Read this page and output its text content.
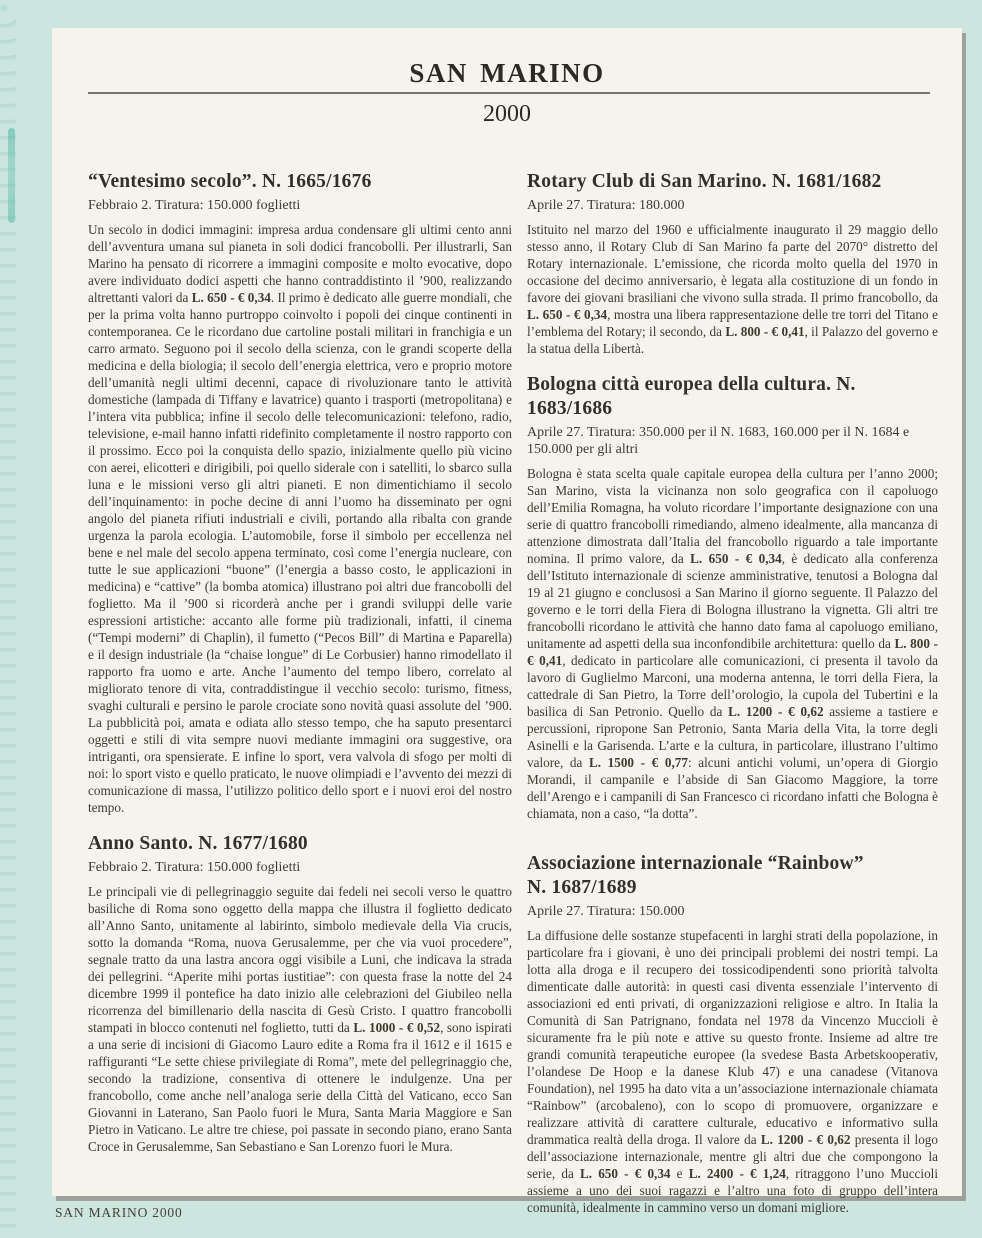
SAN MARINO
2000
“Ventesimo secolo”. N. 1665/1676
Febbraio 2. Tiratura: 150.000 foglietti

Un secolo in dodici immagini: impresa ardua condensare gli ultimi cento anni dell’avventura umana sul pianeta in soli dodici francobolli. Per illustrarli, San Marino ha pensato di ricorrere a immagini composite e molto evocative, dopo avere individuato dodici aspetti che hanno contraddistinto il ’900, realizzando altrettanti valori da L. 650 - € 0,34. Il primo è dedicato alle guerre mondiali, che per la prima volta hanno purtroppo coinvolto i popoli dei cinque continenti in contemporanea. Ce le ricordano due cartoline postali militari in franchigia e un carro armato. Seguono poi il secolo della scienza, con le grandi scoperte della medicina e della biologia; il secolo dell’energia elettrica, vero e proprio motore dell’umanità negli ultimi decenni, capace di rivoluzionare tanto le attività domestiche (lampada di Tiffany e lavatrice) quanto i trasporti (metropolitana) e l’intera vita pubblica; infine il secolo delle telecomunicazioni: telefono, radio, televisione, e-mail hanno infatti ridefinito completamente il nostro rapporto con il prossimo. Ecco poi la conquista dello spazio, inizialmente quello più vicino con aerei, elicotteri e dirigibili, poi quello siderale con i satelliti, lo sbarco sulla luna e le missioni verso gli altri pianeti. E non dimentichiamo il secolo dell’inquinamento: in poche decine di anni l’uomo ha disseminato per ogni angolo del pianeta rifiuti industriali e civili, portando alla ribalta con grande urgenza la parola ecologia. L’automobile, forse il simbolo per eccellenza nel bene e nel male del secolo appena terminato, così come l’energia nucleare, con tutte le sue applicazioni “buone” (l’energia a basso costo, le applicazioni in medicina) e “cattive” (la bomba atomica) illustrano poi altri due francobolli del foglietto. Ma il ’900 si ricorderà anche per i grandi sviluppi delle varie espressioni artistiche: accanto alle forme più tradizionali, infatti, il cinema (“Tempi moderni” di Chaplin), il fumetto (“Pecos Bill” di Martina e Paparella) e il design industriale (la “chaise longue” di Le Corbusier) hanno rimodellato il rapporto fra uomo e arte. Anche l’aumento del tempo libero, correlato al migliorato tenore di vita, contraddistingue il vecchio secolo: turismo, fitness, svaghi culturali e persino le parole crociate sono novità quasi assolute del ’900. La pubblicità poi, amata e odiata allo stesso tempo, che ha saputo presentarci oggetti e stili di vita sempre nuovi mediante immagini ora suggestive, ora intriganti, ora spensierate. E infine lo sport, vera valvola di sfogo per molti di noi: lo sport visto e quello praticato, le nuove olimpiadi e l’avvento dei mezzi di comunicazione di massa, l’utilizzo politico dello sport e i nuovi eroi del nostro tempo.

Anno Santo. N. 1677/1680
Febbraio 2. Tiratura: 150.000 foglietti

Le principali vie di pellegrinaggio seguite dai fedeli nei secoli verso le quattro basiliche di Roma sono oggetto della mappa che illustra il foglietto dedicato all’Anno Santo, unitamente al labirinto, simbolo medievale della Via crucis, sotto la domanda “Roma, nuova Gerusalemme, per che via vuoi procedere”, segnale tratto da una lastra ancora oggi visibile a Luni, che indicava la strada dei pellegrini. “Aperite mihi portas iustitiae”: con questa frase la notte del 24 dicembre 1999 il pontefice ha dato inizio alle celebrazioni del Giubileo nella ricorrenza del bimillenario della nascita di Gesù Cristo. I quattro francobolli stampati in blocco contenuti nel foglietto, tutti da L. 1000 - € 0,52, sono ispirati a una serie di incisioni di Giacomo Lauro edite a Roma fra il 1612 e il 1615 e raffiguranti “Le sette chiese privilegiate di Roma”, mete del pellegrinaggio che, secondo la tradizione, consentiva di ottenere le indulgenze. Una per francobollo, come anche nell’analoga serie della Città del Vaticano, ecco San Giovanni in Laterano, San Paolo fuori le Mura, Santa Maria Maggiore e San Pietro in Vaticano. Le altre tre chiese, poi passate in secondo piano, erano Santa Croce in Gerusalemme, San Sebastiano e San Lorenzo fuori le Mura.

Rotary Club di San Marino. N. 1681/1682
Aprile 27. Tiratura: 180.000

Istituito nel marzo del 1960 e ufficialmente inaugurato il 29 maggio dello stesso anno, il Rotary Club di San Marino fa parte del 2070° distretto del Rotary internazionale. L’emissione, che ricorda molto quella del 1970 in occasione del decimo anniversario, è legata alla costituzione di un fondo in favore dei giovani brasiliani che vivono sulla strada. Il primo francobollo, da L. 650 - € 0,34, mostra una libera rappresentazione delle tre torri del Titano e l’emblema del Rotary; il secondo, da L. 800 - € 0,41, il Palazzo del governo e la statua della Libertà.

Bologna città europea della cultura. N. 1683/1686
Aprile 27. Tiratura: 350.000 per il N. 1683, 160.000 per il N. 1684 e 150.000 per gli altri

Bologna è stata scelta quale capitale europea della cultura per l’anno 2000; San Marino, vista la vicinanza non solo geografica con il capoluogo dell’Emilia Romagna, ha voluto ricordare l’importante designazione con una serie di quattro francobolli rimediando, almeno idealmente, alla mancanza di attenzione dimostrata dall’Italia del francobollo riguardo a tale importante nomina. Il primo valore, da L. 650 - € 0,34, è dedicato alla conferenza dell’Istituto internazionale di scienze amministrative, tenutosi a Bologna dal 19 al 21 giugno e conclusosi a San Marino il giorno seguente. Il Palazzo del governo e le torri della Fiera di Bologna illustrano la vignetta. Gli altri tre francobolli ricordano le attività che hanno dato fama al capoluogo emiliano, unitamente ad aspetti della sua inconfondibile architettura: quello da L. 800 - € 0,41, dedicato in particolare alle comunicazioni, ci presenta il tavolo da lavoro di Guglielmo Marconi, una moderna antenna, le torri della Fiera, la cattedrale di San Pietro, la Torre dell’orologio, la cupola del Tubertini e la basilica di San Petronio. Quello da L. 1200 - € 0,62 assieme a tastiere e percussioni, ripropone San Petronio, Santa Maria della Vita, la torre degli Asinelli e la Garisenda. L’arte e la cultura, in particolare, illustrano l’ultimo valore, da L. 1500 - € 0,77: alcuni antichi volumi, un’opera di Giorgio Morandi, il campanile e l’abside di San Giacomo Maggiore, la torre dell’Arengo e i campanili di San Francesco ci ricordano infatti che Bologna è chiamata, non a caso, “la dotta”.

Associazione internazionale “Rainbow”
N. 1687/1689
Aprile 27. Tiratura: 150.000

La diffusione delle sostanze stupefacenti in larghi strati della popolazione, in particolare fra i giovani, è uno dei principali problemi dei nostri tempi. La lotta alla droga e il recupero dei tossicodipendenti sono priorità talvolta dimenticate dalle autorità: in questi casi diventa essenziale l’intervento di associazioni ed enti privati, di organizzazioni religiose e altro. In Italia la Comunità di San Patrignano, fondata nel 1978 da Vincenzo Muccioli è sicuramente fra le più note e attive su questo fronte. Insieme ad altre tre grandi comunità terapeutiche europee (la svedese Basta Arbetskooperativ, l’olandese De Hoop e la danese Klub 47) e una canadese (Vitanova Foundation), nel 1995 ha dato vita a un’associazione internazionale chiamata “Rainbow” (arcobaleno), con lo scopo di promuovere, organizzare e realizzare attività di carattere culturale, educativo e informativo sulla drammatica realtà della droga. Il valore da L. 1200 - € 0,62 presenta il logo dell’associazione internazionale, mentre gli altri due che compongono la serie, da L. 650 - € 0,34 e L. 2400 - € 1,24, ritraggono l’uno Muccioli assieme a uno dei suoi ragazzi e l’altro una foto di gruppo dell’intera comunità, idealmente in cammino verso un domani migliore.

SAN MARINO 2000
